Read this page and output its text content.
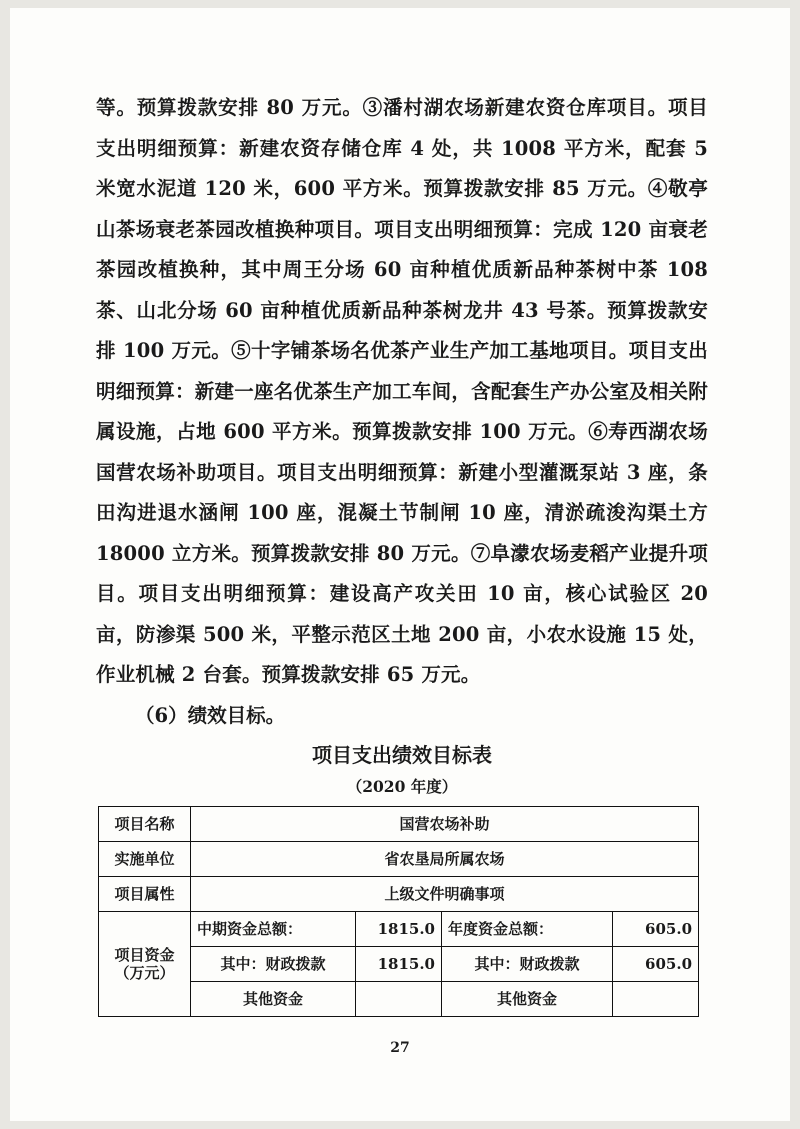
等。预算拨款安排 80 万元。③潘村湖农场新建农资仓库项目。项目支出明细预算：新建农资存储仓库 4 处，共 1008 平方米，配套 5 米宽水泥道 120 米，600 平方米。预算拨款安排 85 万元。④敬亭山茶场衰老茶园改植换种项目。项目支出明细预算：完成 120 亩衰老茶园改植换种，其中周王分场 60 亩种植优质新品种茶树中茶 108 茶、山北分场 60 亩种植优质新品种茶树龙井 43 号茶。预算拨款安排 100 万元。⑤十字铺茶场名优茶产业生产加工基地项目。项目支出明细预算：新建一座名优茶生产加工车间，含配套生产办公室及相关附属设施，占地 600 平方米。预算拨款安排 100 万元。⑥寿西湖农场国营农场补助项目。项目支出明细预算：新建小型灌溉泵站 3 座，条田沟进退水涵闸 100 座，混凝土节制闸 10 座，清淤疏浚沟渠土方 18000 立方米。预算拨款安排 80 万元。⑦阜濛农场麦稻产业提升项目。项目支出明细预算：建设高产攻关田 10 亩，核心试验区 20 亩，防渗渠 500 米，平整示范区土地 200 亩，小农水设施 15 处，作业机械 2 台套。预算拨款安排 65 万元。

（6）绩效目标。

项目支出绩效目标表
（2020 年度）
项目名称	国营农场补助			
实施单位	省农垦局所属农场			
项目属性	上级文件明确事项			

项目资金
（万元）	中期资金总额：	1815.0	年度资金总额：	605.0
	其中：财政拨款	1815.0	其中：财政拨款	605.0
	其他资金		其他资金	
27
